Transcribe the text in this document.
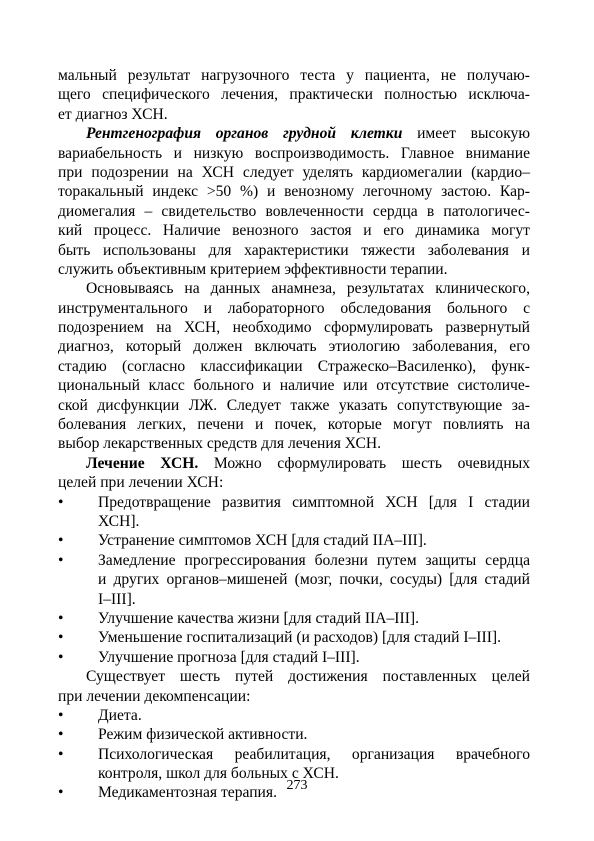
мальный результат нагрузочного теста у пациента, не получаю-
щего специфического лечения, практически полностью исключа-
ет диагноз ХСН.
Рентгенография органов грудной клетки имеет высокую
вариабельность и низкую воспроизводимость. Главное внимание
при подозрении на ХСН следует уделять кардиомегалии (кардио–
торакальный индекс >50 %) и венозному легочному застою. Кар-
диомегалия – свидетельство вовлеченности сердца в патологичес-
кий процесс. Наличие венозного застоя и его динамика могут
быть использованы для характеристики тяжести заболевания и
служить объективным критерием эффективности терапии.
Основываясь на данных анамнеза, результатах клинического,
инструментального и лабораторного обследования больного с
подозрением на ХСН, необходимо сформулировать развернутый
диагноз, который должен включать этиологию заболевания, его
стадию (согласно классификации Стражеско–Василенко), функ-
циональный класс больного и наличие или отсутствие систоличе-
ской дисфункции ЛЖ. Следует также указать сопутствующие за-
болевания легких, печени и почек, которые могут повлиять на
выбор лекарственных средств для лечения ХСН.
Лечение ХСН. Можно сформулировать шесть очевидных
целей при лечении ХСН:
• Предотвращение развития симптомной ХСН [для I стадии
ХСН].
• Устранение симптомов ХСН [для стадий IIА–III].
• Замедление прогрессирования болезни путем защиты сердца
и других органов–мишеней (мозг, почки, сосуды) [для стадий
I–III].
• Улучшение качества жизни [для стадий IIА–III].
• Уменьшение госпитализаций (и расходов) [для стадий I–III].
• Улучшение прогноза [для стадий I–III].
Существует шесть путей достижения поставленных целей
при лечении декомпенсации:
• Диета.
• Режим физической активности.
• Психологическая реабилитация, организация врачебного
контроля, школ для больных с ХСН.
• Медикаментозная терапия. 273
